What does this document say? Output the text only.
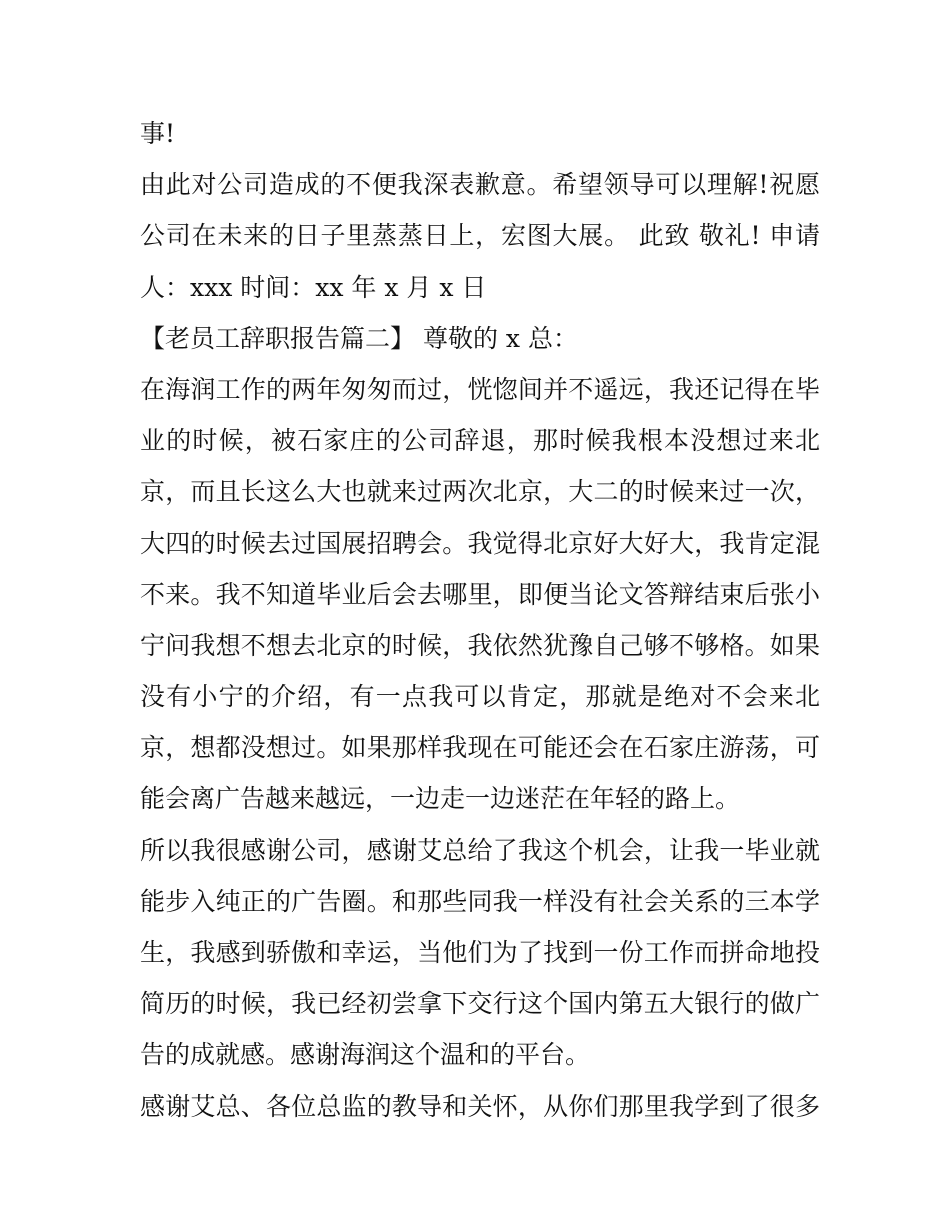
事!
由此对公司造成的不便我深表歉意。希望领导可以理解!祝愿
公司在未来的日子里蒸蒸日上，宏图大展。 此致 敬礼! 申请
人：xxx 时间：xx 年 x 月 x 日
【老员工辞职报告篇二】 尊敬的 x 总：
在海润工作的两年匆匆而过，恍惚间并不遥远，我还记得在毕
业的时候，被石家庄的公司辞退，那时候我根本没想过来北
京，而且长这么大也就来过两次北京，大二的时候来过一次，
大四的时候去过国展招聘会。我觉得北京好大好大，我肯定混
不来。我不知道毕业后会去哪里，即便当论文答辩结束后张小
宁问我想不想去北京的时候，我依然犹豫自己够不够格。如果
没有小宁的介绍，有一点我可以肯定，那就是绝对不会来北
京，想都没想过。如果那样我现在可能还会在石家庄游荡，可
能会离广告越来越远，一边走一边迷茫在年轻的路上。
所以我很感谢公司，感谢艾总给了我这个机会，让我一毕业就
能步入纯正的广告圈。和那些同我一样没有社会关系的三本学
生，我感到骄傲和幸运，当他们为了找到一份工作而拼命地投
简历的时候，我已经初尝拿下交行这个国内第五大银行的做广
告的成就感。感谢海润这个温和的平台。
感谢艾总、各位总监的教导和关怀，从你们那里我学到了很多
